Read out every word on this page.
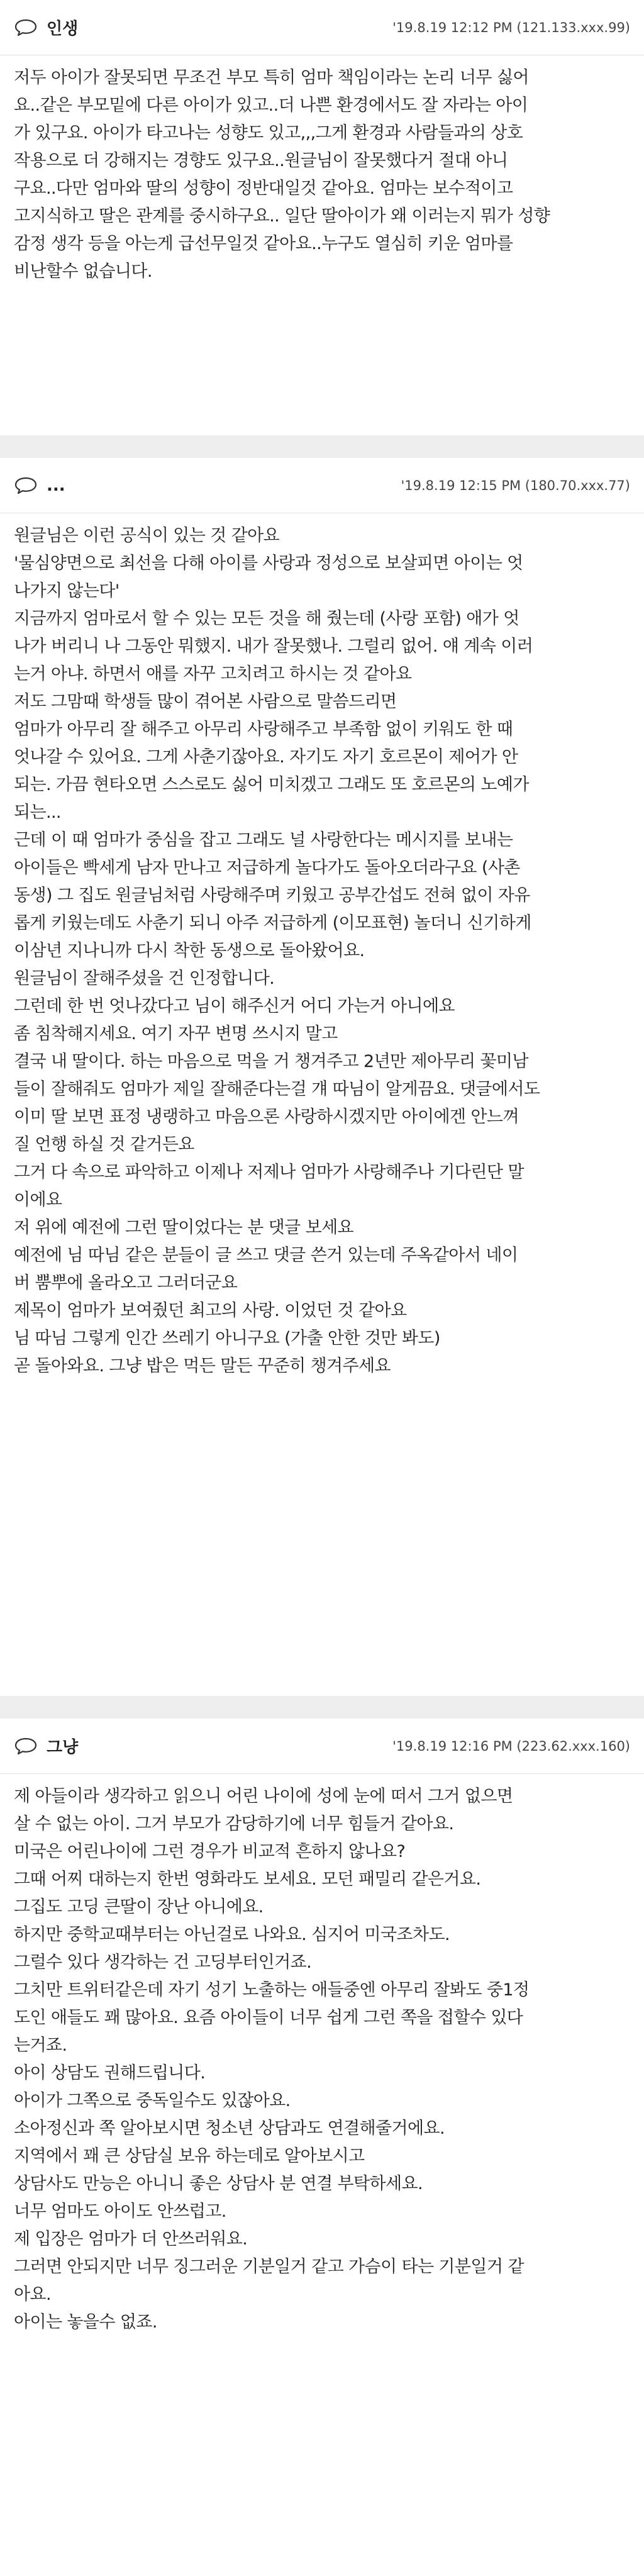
인생	'19.8.19 12:12 PM (121.133.xxx.99)
저두 아이가 잘못되면 무조건 부모 특히 엄마 책임이라는 논리 너무 싫어
요..같은 부모밑에 다른 아이가 있고..더 나쁜 환경에서도 잘 자라는 아이
가 있구요. 아이가 타고나는 성향도 있고,,,그게 환경과 사람들과의 상호
작용으로 더 강해지는 경향도 있구요..원글님이 잘못했다거 절대 아니
구요..다만 엄마와 딸의 성향이 정반대일것 같아요. 엄마는 보수적이고
고지식하고 딸은 관계를 중시하구요.. 일단 딸아이가 왜 이러는지 뭐가 성향
감정 생각 등을 아는게 급선무일것 같아요..누구도 열심히 키운 엄마를
비난할수 없습니다.
...	'19.8.19 12:15 PM (180.70.xxx.77)
원글님은 이런 공식이 있는 것 같아요
'물심양면으로 최선을 다해 아이를 사랑과 정성으로 보살피면 아이는 엇
나가지 않는다'
지금까지 엄마로서 할 수 있는 모든 것을 해 줬는데 (사랑 포함) 애가 엇
나가 버리니 나 그동안 뭐했지. 내가 잘못했나. 그럴리 없어. 얘 계속 이러
는거 아냐. 하면서 애를 자꾸 고치려고 하시는 것 같아요
저도 그맘때 학생들 많이 겪어본 사람으로 말씀드리면
엄마가 아무리 잘 해주고 아무리 사랑해주고 부족함 없이 키워도 한 때
엇나갈 수 있어요. 그게 사춘기잖아요. 자기도 자기 호르몬이 제어가 안
되는. 가끔 현타오면 스스로도 싫어 미치겠고 그래도 또 호르몬의 노예가
되는...
근데 이 때 엄마가 중심을 잡고 그래도 널 사랑한다는 메시지를 보내는
아이들은 빡세게 남자 만나고 저급하게 놀다가도 돌아오더라구요 (사촌
동생) 그 집도 원글님처럼 사랑해주며 키웠고 공부간섭도 전혀 없이 자유
롭게 키웠는데도 사춘기 되니 아주 저급하게 (이모표현) 놀더니 신기하게
이삼년 지나니까 다시 착한 동생으로 돌아왔어요.
원글님이 잘해주셨을 건 인정합니다.
그런데 한 번 엇나갔다고 님이 해주신거 어디 가는거 아니에요
좀 침착해지세요. 여기 자꾸 변명 쓰시지 말고
결국 내 딸이다. 하는 마음으로 먹을 거 챙겨주고 2년만 제아무리 꽃미남
들이 잘해줘도 엄마가 제일 잘해준다는걸 걔 따님이 알게끔요. 댓글에서도
이미 딸 보면 표정 냉랭하고 마음으론 사랑하시겠지만 아이에겐 안느껴
질 언행 하실 것 같거든요
그거 다 속으로 파악하고 이제나 저제나 엄마가 사랑해주나 기다린단 말
이에요
저 위에 예전에 그런 딸이었다는 분 댓글 보세요
예전에 님 따님 같은 분들이 글 쓰고 댓글 쓴거 있는데 주옥같아서 네이
버 뿜뿌에 올라오고 그러더군요
제목이 엄마가 보여줬던 최고의 사랑. 이었던 것 같아요
님 따님 그렇게 인간 쓰레기 아니구요 (가출 안한 것만 봐도)
곧 돌아와요. 그냥 밥은 먹든 말든 꾸준히 챙겨주세요
그냥	'19.8.19 12:16 PM (223.62.xxx.160)
제 아들이라 생각하고 읽으니 어린 나이에 성에 눈에 떠서 그거 없으면
살 수 없는 아이. 그거 부모가 감당하기에 너무 힘들거 같아요.
미국은 어린나이에 그런 경우가 비교적 흔하지 않나요?
그때 어찌 대하는지 한번 영화라도 보세요. 모던 패밀리 같은거요.
그집도 고딩 큰딸이 장난 아니에요.
하지만 중학교때부터는 아닌걸로 나와요. 심지어 미국조차도.
그럴수 있다 생각하는 건 고딩부터인거죠.
그치만 트위터같은데 자기 성기 노출하는 애들중엔 아무리 잘봐도 중1정
도인 애들도 꽤 많아요. 요즘 아이들이 너무 쉽게 그런 쪽을 접할수 있다
는거죠.
아이 상담도 권해드립니다.
아이가 그쪽으로 중독일수도 있잖아요.
소아정신과 쪽 알아보시면 청소년 상담과도 연결해줄거에요.
지역에서 꽤 큰 상담실 보유 하는데로 알아보시고
상담사도 만능은 아니니 좋은 상담사 분 연결 부탁하세요.
너무 엄마도 아이도 안쓰럽고.
제 입장은 엄마가 더 안쓰러워요.
그러면 안되지만 너무 징그러운 기분일거 같고 가슴이 타는 기분일거 같
아요.
아이는 놓을수 없죠.
